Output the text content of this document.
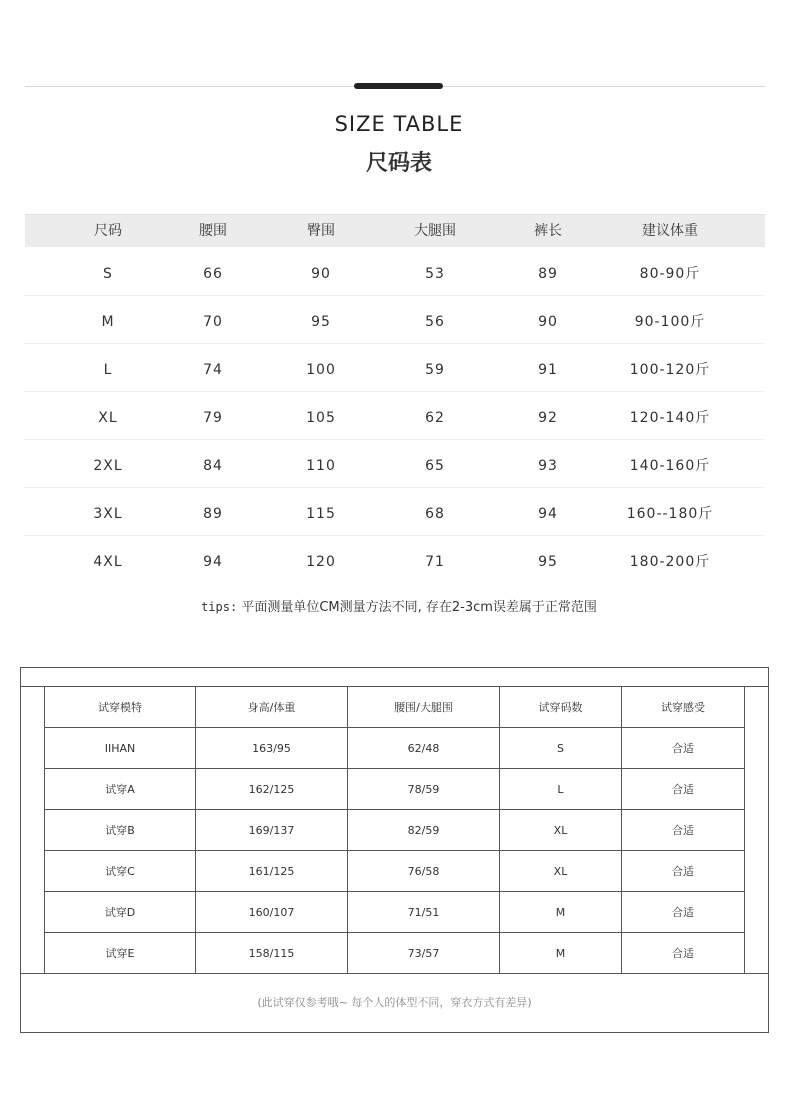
SIZE TABLE
尺码表
尺码	腰围	臀围	大腿围	裤长	建议体重
S	66	90	53	89	80-90斤
M	70	95	56	90	90-100斤
L	74	100	59	91	100-120斤
XL	79	105	62	92	120-140斤
2XL	84	110	65	93	140-160斤
3XL	89	115	68	94	160--180斤
4XL	94	120	71	95	180-200斤
tips: 平面测量单位CM测量方法不同, 存在2-3cm误差属于正常范围
试穿模特	身高/体重	腰围/大腿围	试穿码数	试穿感受
IIHAN	163/95	62/48	S	合适
试穿A	162/125	78/59	L	合适
试穿B	169/137	82/59	XL	合适
试穿C	161/125	76/58	XL	合适
试穿D	160/107	71/51	M	合适
试穿E	158/115	73/57	M	合适
(此试穿仅参考哦~ 每个人的体型不同，穿衣方式有差异)
